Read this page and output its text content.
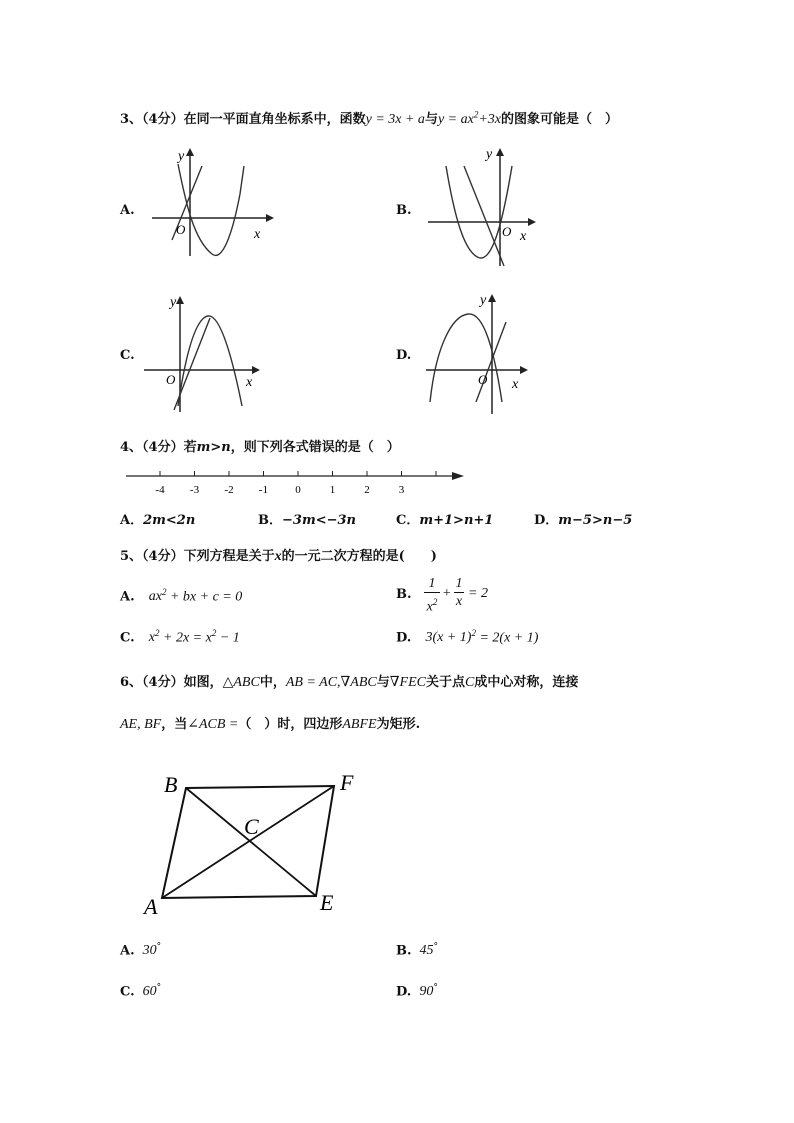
3、（4分）在同一平面直角坐标系中，函数y = 3x + a与$y = ax^2+3x$的图象可能是（　）
A.	B.
C.	D.
y
x
O
y
x
O
y
x
O
y
x
O
4、（4分）若m>n，则下列各式错误的是（　）
-4 -3 -2 -1 0	1	2	3
A．2m<2n	B．−3m<−3n	C．m+1>n+1	D．m−5>n−5
5、（4分）下列方程是关于x的一元二次方程的是(　　)
A. $ax^2$ + bx + c = 0	B.
1
$x^2$
+
1
x
= 2
C. $x^2 + 2x = x^2 - 1$	D. $3(x + 1)^2 = 2(x + 1)$
6、（4分）如图，△ABC中，AB = AC,∇ABC与∇FEC关于点C成中心对称，连接
AE, BF，当∠ACB =（　）时，四边形ABFE为矩形.
B	F
C
A	E
A. 30°	B. 45°
C. 60°	D. 90°
